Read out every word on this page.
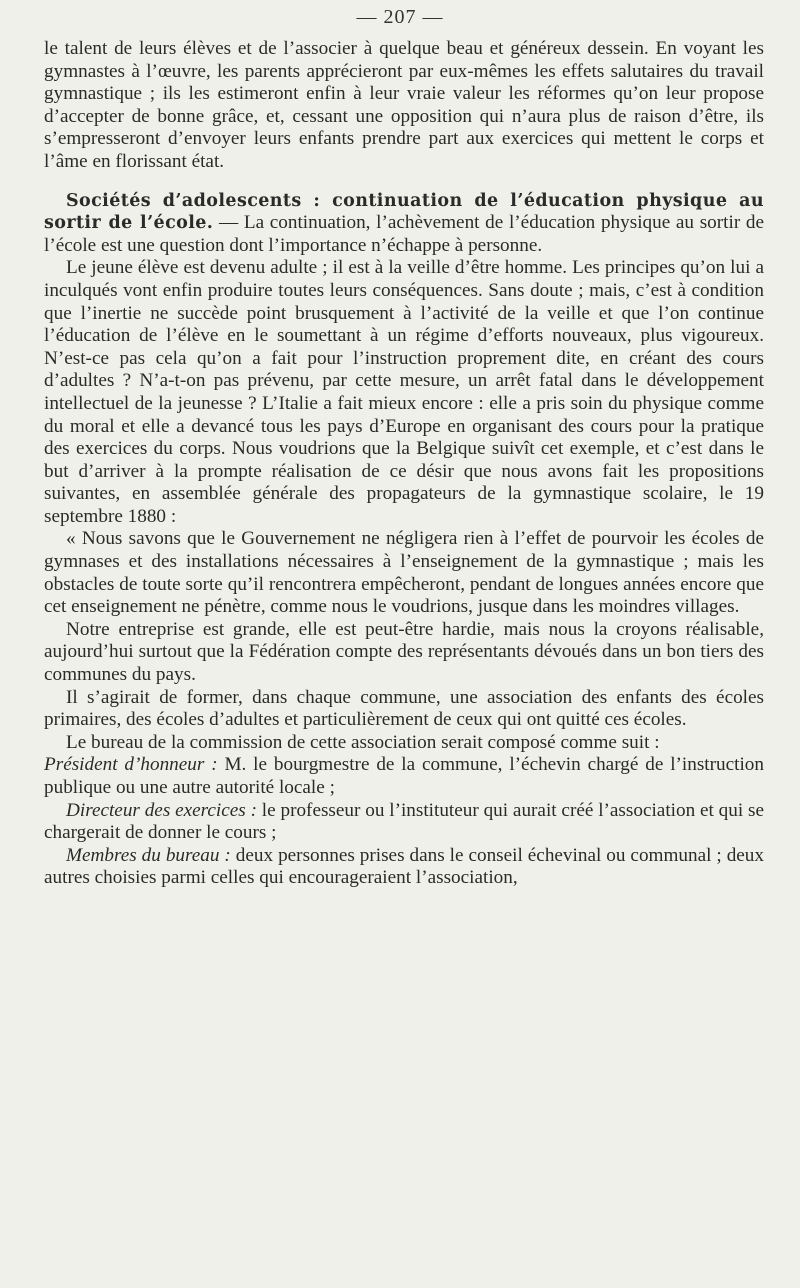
— 207 —

le talent de leurs élèves et de l’associer à quelque beau et généreux dessein. En voyant les gymnastes à l’œuvre, les parents apprécieront par eux-mêmes les effets salutaires du travail gymnastique ; ils les estimeront enfin à leur vraie valeur les réformes qu’on leur propose d’accepter de bonne grâce, et, cessant une opposition qui n’aura plus de raison d’être, ils s’empresseront d’envoyer leurs enfants prendre part aux exercices qui mettent le corps et l’âme en florissant état.

Sociétés d’adolescents : continuation de l’éducation physique au sortir de l’école. — La continuation, l’achèvement de l’éducation physique au sortir de l’école est une question dont l’importance n’échappe à personne.

Le jeune élève est devenu adulte ; il est à la veille d’être homme. Les principes qu’on lui a inculqués vont enfin produire toutes leurs conséquences. Sans doute ; mais, c’est à condition que l’inertie ne succède point brusquement à l’activité de la veille et que l’on continue l’éducation de l’élève en le soumettant à un régime d’efforts nouveaux, plus vigoureux. N’est-ce pas cela qu’on a fait pour l’instruction proprement dite, en créant des cours d’adultes ? N’a-t-on pas prévenu, par cette mesure, un arrêt fatal dans le développement intellectuel de la jeunesse ? L’Italie a fait mieux encore : elle a pris soin du physique comme du moral et elle a devancé tous les pays d’Europe en organisant des cours pour la pratique des exercices du corps. Nous voudrions que la Belgique suivît cet exemple, et c’est dans le but d’arriver à la prompte réalisation de ce désir que nous avons fait les propositions suivantes, en assemblée générale des propagateurs de la gymnastique scolaire, le 19 septembre 1880 :

« Nous savons que le Gouvernement ne négligera rien à l’effet de pourvoir les écoles de gymnases et des installations nécessaires à l’enseignement de la gymnastique ; mais les obstacles de toute sorte qu’il rencontrera empêcheront, pendant de longues années encore que cet enseignement ne pénètre, comme nous le voudrions, jusque dans les moindres villages.

Notre entreprise est grande, elle est peut-être hardie, mais nous la croyons réalisable, aujourd’hui surtout que la Fédération compte des représentants dévoués dans un bon tiers des communes du pays.

Il s’agirait de former, dans chaque commune, une association des enfants des écoles primaires, des écoles d’adultes et particulièrement de ceux qui ont quitté ces écoles.

Le bureau de la commission de cette association serait composé comme suit :

Président d’honneur : M. le bourgmestre de la commune, l’échevin chargé de l’instruction publique ou une autre autorité locale ;

Directeur des exercices : le professeur ou l’instituteur qui aurait créé l’association et qui se chargerait de donner le cours ;

Membres du bureau : deux personnes prises dans le conseil échevinal ou communal ; deux autres choisies parmi celles qui encourageraient l’association,
